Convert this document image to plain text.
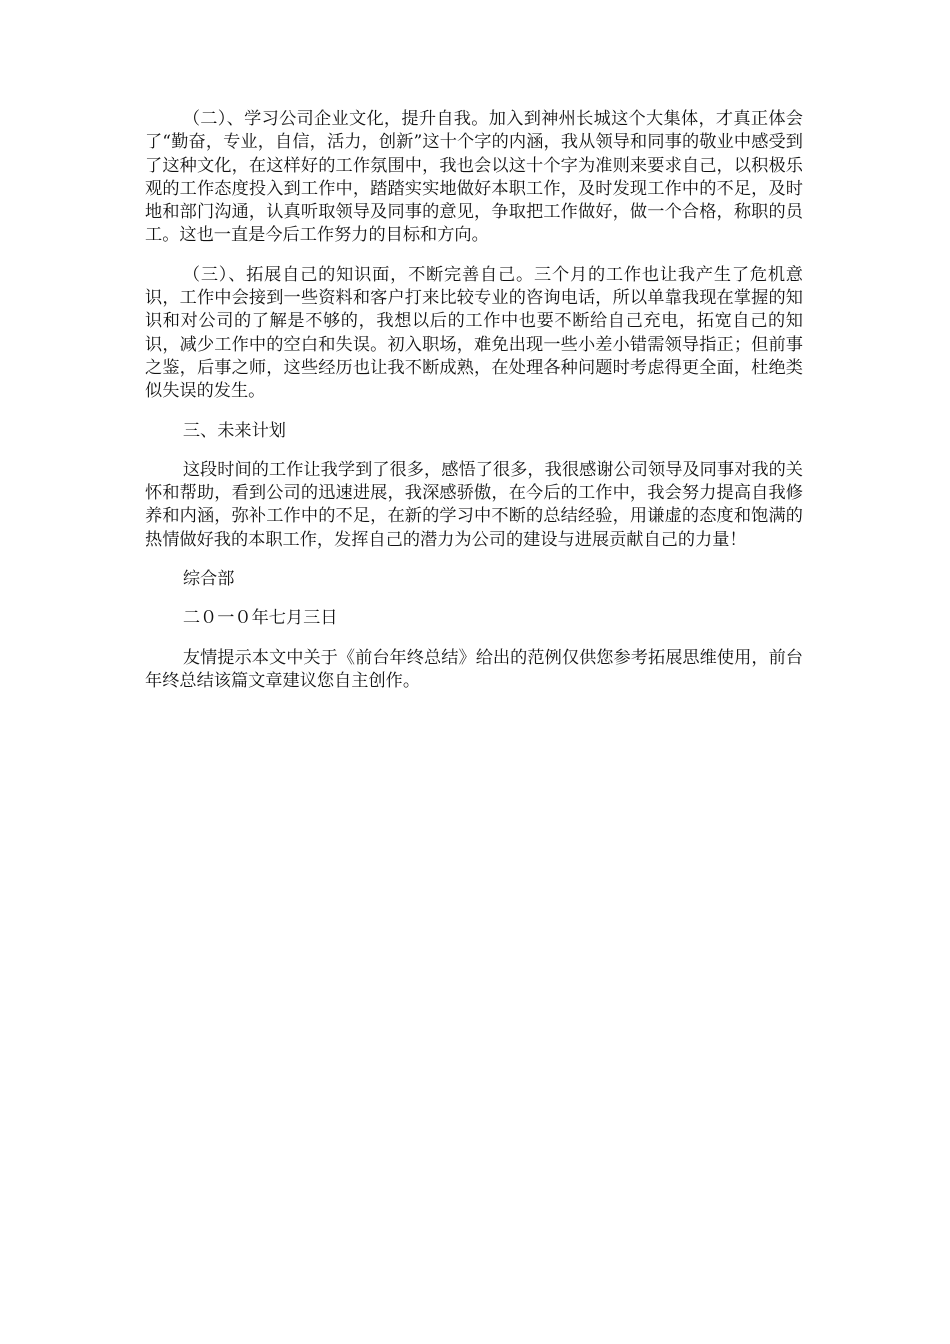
（二）、学习公司企业文化，提升自我。加入到神州长城这个大集体，才真正体会了“勤奋，专业，自信，活力，创新”这十个字的内涵，我从领导和同事的敬业中感受到了这种文化，在这样好的工作氛围中，我也会以这十个字为准则来要求自己，以积极乐观的工作态度投入到工作中，踏踏实实地做好本职工作，及时发现工作中的不足，及时地和部门沟通，认真听取领导及同事的意见，争取把工作做好，做一个合格，称职的员工。这也一直是今后工作努力的目标和方向。

（三）、拓展自己的知识面，不断完善自己。三个月的工作也让我产生了危机意识，工作中会接到一些资料和客户打来比较专业的咨询电话，所以单靠我现在掌握的知识和对公司的了解是不够的，我想以后的工作中也要不断给自己充电，拓宽自己的知识，减少工作中的空白和失误。初入职场，难免出现一些小差小错需领导指正；但前事之鉴，后事之师，这些经历也让我不断成熟，在处理各种问题时考虑得更全面，杜绝类似失误的发生。

三、未来计划

这段时间的工作让我学到了很多，感悟了很多，我很感谢公司领导及同事对我的关怀和帮助，看到公司的迅速进展，我深感骄傲，在今后的工作中，我会努力提高自我修养和内涵，弥补工作中的不足，在新的学习中不断的总结经验，用谦虚的态度和饱满的热情做好我的本职工作，发挥自己的潜力为公司的建设与进展贡献自己的力量！

综合部

二０一０年七月三日

友情提示本文中关于《前台年终总结》给出的范例仅供您参考拓展思维使用，前台年终总结该篇文章建议您自主创作。
